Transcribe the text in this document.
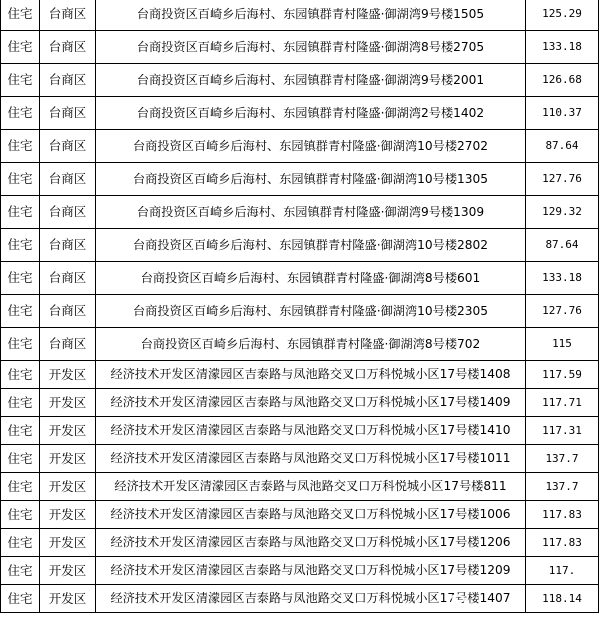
住宅	台商区	台商投资区百崎乡后海村、东园镇群青村隆盛·御湖湾9号楼1505	125.29
住宅	台商区	台商投资区百崎乡后海村、东园镇群青村隆盛·御湖湾8号楼2705	133.18
住宅	台商区	台商投资区百崎乡后海村、东园镇群青村隆盛·御湖湾9号楼2001	126.68
住宅	台商区	台商投资区百崎乡后海村、东园镇群青村隆盛·御湖湾2号楼1402	110.37
住宅	台商区	台商投资区百崎乡后海村、东园镇群青村隆盛·御湖湾10号楼2702	87.64
住宅	台商区	台商投资区百崎乡后海村、东园镇群青村隆盛·御湖湾10号楼1305	127.76
住宅	台商区	台商投资区百崎乡后海村、东园镇群青村隆盛·御湖湾9号楼1309	129.32
住宅	台商区	台商投资区百崎乡后海村、东园镇群青村隆盛·御湖湾10号楼2802	87.64
住宅	台商区	台商投资区百崎乡后海村、东园镇群青村隆盛·御湖湾8号楼601	133.18
住宅	台商区	台商投资区百崎乡后海村、东园镇群青村隆盛·御湖湾10号楼2305	127.76
住宅	台商区	台商投资区百崎乡后海村、东园镇群青村隆盛·御湖湾8号楼702	115
住宅	开发区	经济技术开发区清濛园区吉泰路与凤池路交叉口万科悦城小区17号楼1408	117.59
住宅	开发区	经济技术开发区清濛园区吉泰路与凤池路交叉口万科悦城小区17号楼1409	117.71
住宅	开发区	经济技术开发区清濛园区吉泰路与凤池路交叉口万科悦城小区17号楼1410	117.31
住宅	开发区	经济技术开发区清濛园区吉泰路与凤池路交叉口万科悦城小区17号楼1011	137.7
住宅	开发区	经济技术开发区清濛园区吉泰路与凤池路交叉口万科悦城小区17号楼811	137.7
住宅	开发区	经济技术开发区清濛园区吉泰路与凤池路交叉口万科悦城小区17号楼1006	117.83
住宅	开发区	经济技术开发区清濛园区吉泰路与凤池路交叉口万科悦城小区17号楼1206	117.83
住宅	开发区	经济技术开发区清濛园区吉泰路与凤池路交叉口万科悦城小区17号楼1209	117.
住宅	开发区	经济技术开发区清濛园区吉泰路与凤池路交叉口万科悦城小区17号楼1407	118.14
